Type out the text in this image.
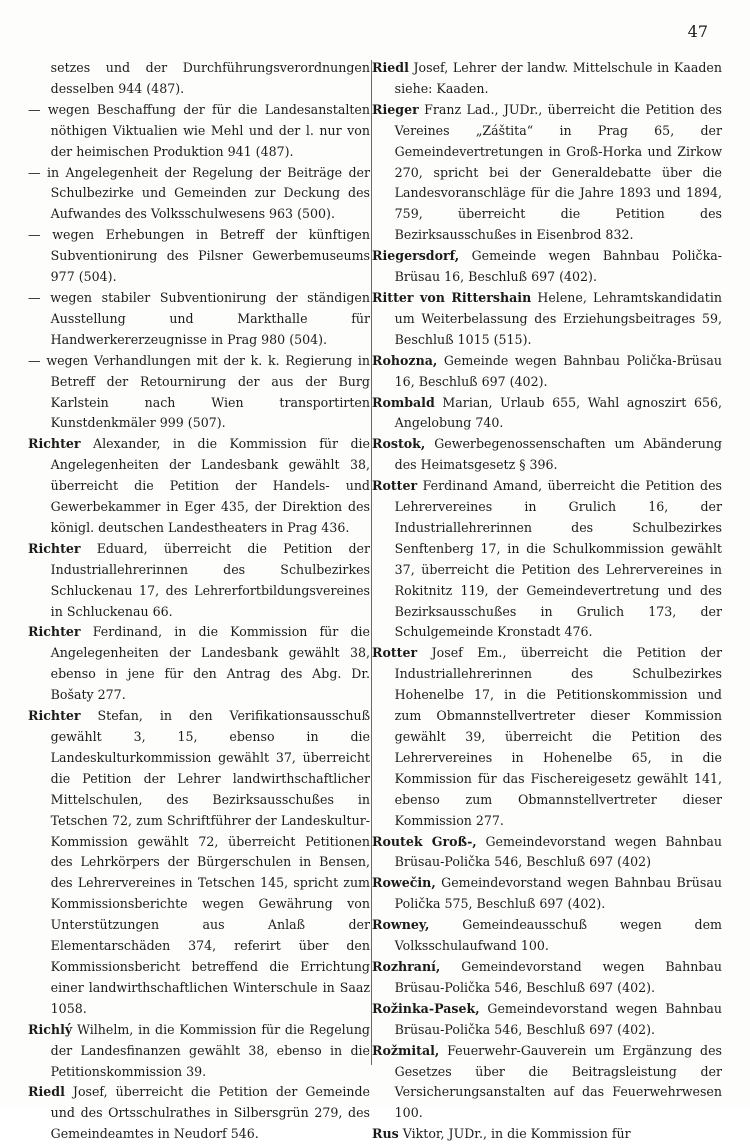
47

setzes und der Durchführungsverordnungen desselben 944 (487).

— wegen Beschaffung der für die Landesanstalten nöthigen Viktualien wie Mehl und der l. nur von der heimischen Produktion 941 (487).

— in Angelegenheit der Regelung der Beiträge der Schulbezirke und Gemeinden zur Deckung des Aufwandes des Volksschulwesens 963 (500).

— wegen Erhebungen in Betreff der künftigen Subventionirung des Pilsner Gewerbemuseums 977 (504).

— wegen stabiler Subventionirung der ständigen Ausstellung und Markthalle für Handwerkererzeugnisse in Prag 980 (504).

— wegen Verhandlungen mit der k. k. Regierung in Betreff der Retournirung der aus der Burg Karlstein nach Wien transportirten Kunstdenkmäler 999 (507).

Richter Alexander, in die Kommission für die Angelegenheiten der Landesbank gewählt 38, überreicht die Petition der Handels- und Gewerbekammer in Eger 435, der Direktion des königl. deutschen Landestheaters in Prag 436.

Richter Eduard, überreicht die Petition der Industriallehrerinnen des Schulbezirkes Schluckenau 17, des Lehrerfortbildungsvereines in Schluckenau 66.

Richter Ferdinand, in die Kommission für die Angelegenheiten der Landesbank gewählt 38, ebenso in jene für den Antrag des Abg. Dr. Bošaty 277.

Richter Stefan, in den Verifikationsausschuß gewählt 3, 15, ebenso in die Landeskulturkommission gewählt 37, überreicht die Petition der Lehrer landwirthschaftlicher Mittelschulen, des Bezirksausschußes in Tetschen 72, zum Schriftführer der Landeskultur-Kommission gewählt 72, überreicht Petitionen des Lehrkörpers der Bürgerschulen in Bensen, des Lehrervereines in Tetschen 145, spricht zum Kommissionsberichte wegen Gewährung von Unterstützungen aus Anlaß der Elementarschäden 374, referirt über den Kommissionsbericht betreffend die Errichtung einer landwirthschaftlichen Winterschule in Saaz 1058.

Richlý Wilhelm, in die Kommission für die Regelung der Landesfinanzen gewählt 38, ebenso in die Petitionskommission 39.

Riedl Josef, überreicht die Petition der Gemeinde und des Ortsschulrathes in Silbersgrün 279, des Gemeindeamtes in Neudorf 546.

Riedl Josef, Lehrer der landw. Mittelschule in Kaaden siehe: Kaaden.

Rieger Franz Lad., JUDr., überreicht die Petition des Vereines „Záštita“ in Prag 65, der Gemeindevertretungen in Groß-Horka und Zirkow 270, spricht bei der Generaldebatte über die Landesvoranschläge für die Jahre 1893 und 1894, 759, überreicht die Petition des Bezirksausschußes in Eisenbrod 832.

Riegersdorf, Gemeinde wegen Bahnbau Polička-Brüsau 16, Beschluß 697 (402).

Ritter von Rittershain Helene, Lehramtskandidatin um Weiterbelassung des Erziehungsbeitrages 59, Beschluß 1015 (515).

Rohozna, Gemeinde wegen Bahnbau Polička-Brüsau 16, Beschluß 697 (402).

Rombald Marian, Urlaub 655, Wahl agnoszirt 656, Angelobung 740.

Rostok, Gewerbegenossenschaften um Abänderung des Heimatsgesetz § 396.

Rotter Ferdinand Amand, überreicht die Petition des Lehrervereines in Grulich 16, der Industriallehrerinnen des Schulbezirkes Senftenberg 17, in die Schulkommission gewählt 37, überreicht die Petition des Lehrervereines in Rokitnitz 119, der Gemeindevertretung und des Bezirksausschußes in Grulich 173, der Schulgemeinde Kronstadt 476.

Rotter Josef Em., überreicht die Petition der Industriallehrerinnen des Schulbezirkes Hohenelbe 17, in die Petitionskommission und zum Obmannstellvertreter dieser Kommission gewählt 39, überreicht die Petition des Lehrervereines in Hohenelbe 65, in die Kommission für das Fischereigesetz gewählt 141, ebenso zum Obmannstellvertreter dieser Kommission 277.

Routek Groß-, Gemeindevorstand wegen Bahnbau Brüsau-Polička 546, Beschluß 697 (402)

Rowečin, Gemeindevorstand wegen Bahnbau Brüsau Polička 575, Beschluß 697 (402).

Rowney,	Gemeindeausschuß wegen dem Volksschulaufwand 100.

Rozhraní, Gemeindevorstand wegen Bahnbau Brüsau-Polička 546, Beschluß 697 (402).

Rožinka-Pasek, Gemeindevorstand wegen Bahnbau Brüsau-Polička 546, Beschluß 697 (402).

Rožmital, Feuerwehr-Gauverein um Ergänzung des Gesetzes über die Beitragsleistung der Versicherungsanstalten auf das Feuerwehrwesen 100.

Rus Viktor, JUDr., in die Kommission für
